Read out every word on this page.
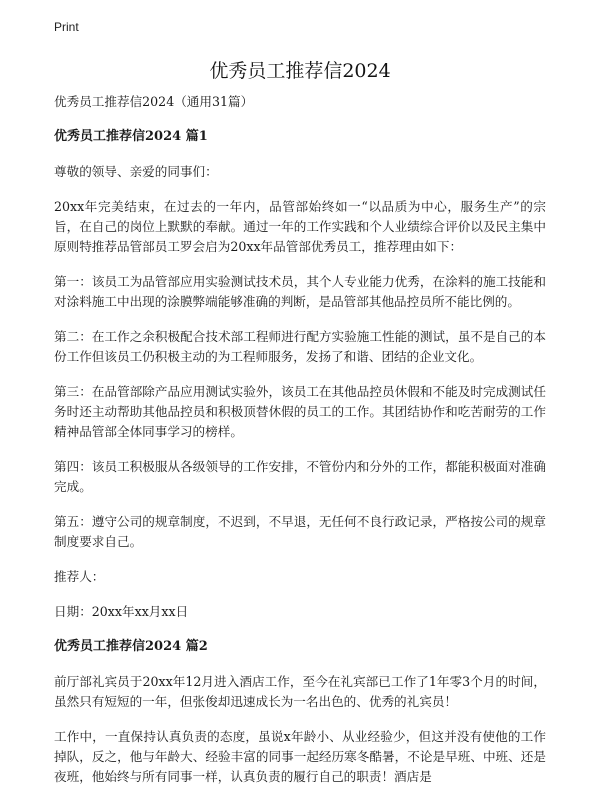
Print
优秀员工推荐信2024

优秀员工推荐信2024（通用31篇）

优秀员工推荐信2024 篇1

尊敬的领导、亲爱的同事们：

20xx年完美结束，在过去的一年内，品管部始终如一“以品质为中心，服务生产”的宗旨，在自己的岗位上默默的奉献。通过一年的工作实践和个人业绩综合评价以及民主集中原则特推荐品管部员工罗会启为20xx年品管部优秀员工，推荐理由如下：

第一：该员工为品管部应用实验测试技术员，其个人专业能力优秀，在涂料的施工技能和对涂料施工中出现的涂膜弊端能够准确的判断，是品管部其他品控员所不能比例的。

第二：在工作之余积极配合技术部工程师进行配方实验施工性能的测试，虽不是自己的本份工作但该员工仍积极主动的为工程师服务，发扬了和谐、团结的企业文化。

第三：在品管部除产品应用测试实验外，该员工在其他品控员休假和不能及时完成测试任务时还主动帮助其他品控员和积极顶替休假的员工的工作。其团结协作和吃苦耐劳的工作精神品管部全体同事学习的榜样。

第四：该员工积极服从各级领导的工作安排，不管份内和分外的工作，都能积极面对准确完成。

第五：遵守公司的规章制度，不迟到，不早退，无任何不良行政记录，严格按公司的规章制度要求自己。

推荐人：

日期：20xx年xx月xx日

优秀员工推荐信2024 篇2

前厅部礼宾员于20xx年12月进入酒店工作，至今在礼宾部已工作了1年零3个月的时间，虽然只有短短的一年，但张俊却迅速成长为一名出色的、优秀的礼宾员！

工作中，一直保持认真负责的态度，虽说x年龄小、从业经验少，但这并没有使他的工作掉队，反之，他与年龄大、经验丰富的同事一起经历寒冬酷暑，不论是早班、中班、还是夜班，他始终与所有同事一样，认真负责的履行自己的职责！酒店是
